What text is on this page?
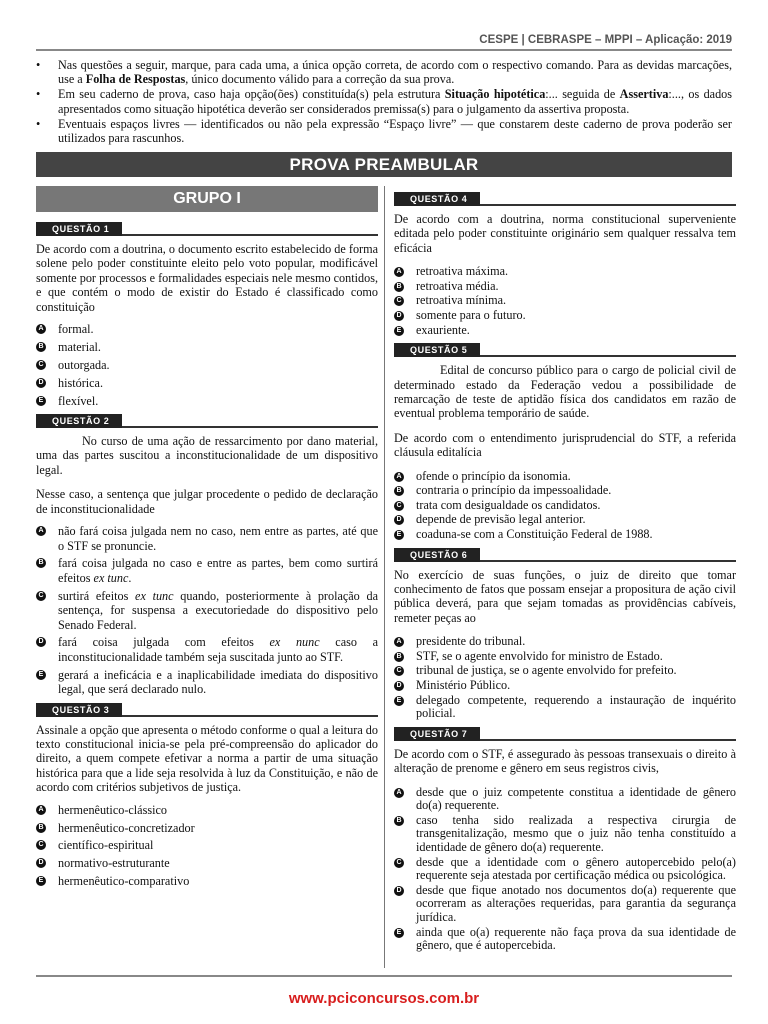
CESPE | CEBRASPE – MPPI – Aplicação: 2019
• Nas questões a seguir, marque, para cada uma, a única opção correta, de acordo com o respectivo comando. Para as devidas marcações, use a Folha de Respostas, único documento válido para a correção da sua prova.
• Em seu caderno de prova, caso haja opção(ões) constituída(s) pela estrutura Situação hipotética:... seguida de Assertiva:..., os dados apresentados como situação hipotética deverão ser considerados premissa(s) para o julgamento da assertiva proposta.
• Eventuais espaços livres — identificados ou não pela expressão “Espaço livre” — que constarem deste caderno de prova poderão ser utilizados para rascunhos.
PROVA PREAMBULAR
GRUPO I
QUESTÃO 1

De acordo com a doutrina, o documento escrito estabelecido de forma solene pelo poder constituinte eleito pelo voto popular, modificável somente por processos e formalidades especiais nele mesmo contidos, e que contém o modo de existir do Estado é classificado como constituição

A formal.
B material.
C outorgada.
D histórica.
E flexível.
QUESTÃO 2

No curso de uma ação de ressarcimento por dano material, uma das partes suscitou a inconstitucionalidade de um dispositivo legal.

Nesse caso, a sentença que julgar procedente o pedido de declaração de inconstitucionalidade

A não fará coisa julgada nem no caso, nem entre as partes, até que o STF se pronuncie.
B fará coisa julgada no caso e entre as partes, bem como surtirá efeitos ex tunc.
C surtirá efeitos ex tunc quando, posteriormente à prolação da sentença, for suspensa a executoriedade do dispositivo pelo Senado Federal.
D fará coisa julgada com efeitos ex nunc caso a inconstitucionalidade também seja suscitada junto ao STF.
E gerará a ineficácia e a inaplicabilidade imediata do dispositivo legal, que será declarado nulo.
QUESTÃO 3

Assinale a opção que apresenta o método conforme o qual a leitura do texto constitucional inicia-se pela pré-compreensão do aplicador do direito, a quem compete efetivar a norma a partir de uma situação histórica para que a lide seja resolvida à luz da Constituição, e não de acordo com critérios subjetivos de justiça.

A hermenêutico-clássico
B hermenêutico-concretizador
C científico-espiritual
D normativo-estruturante
E hermenêutico-comparativo
QUESTÃO 4

De acordo com a doutrina, norma constitucional superveniente editada pelo poder constituinte originário sem qualquer ressalva tem eficácia

A retroativa máxima.
B retroativa média.
C retroativa mínima.
D somente para o futuro.
E exauriente.
QUESTÃO 5

Edital de concurso público para o cargo de policial civil de determinado estado da Federação vedou a possibilidade de remarcação de teste de aptidão física dos candidatos em razão de eventual problema temporário de saúde.

De acordo com o entendimento jurisprudencial do STF, a referida cláusula editalícia

A ofende o princípio da isonomia.
B contraria o princípio da impessoalidade.
C trata com desigualdade os candidatos.
D depende de previsão legal anterior.
E coaduna-se com a Constituição Federal de 1988.
QUESTÃO 6

No exercício de suas funções, o juiz de direito que tomar conhecimento de fatos que possam ensejar a propositura de ação civil pública deverá, para que sejam tomadas as providências cabíveis, remeter peças ao

A presidente do tribunal.
B STF, se o agente envolvido for ministro de Estado.
C tribunal de justiça, se o agente envolvido for prefeito.
D Ministério Público.
E delegado competente, requerendo a instauração de inquérito policial.
QUESTÃO 7

De acordo com o STF, é assegurado às pessoas transexuais o direito à alteração de prenome e gênero em seus registros civis,

A desde que o juiz competente constitua a identidade de gênero do(a) requerente.
B caso tenha sido realizada a respectiva cirurgia de transgenitalização, mesmo que o juiz não tenha constituído a identidade de gênero do(a) requerente.
C desde que a identidade com o gênero autopercebido pelo(a) requerente seja atestada por certificação médica ou psicológica.
D desde que fique anotado nos documentos do(a) requerente que ocorreram as alterações requeridas, para garantia da segurança jurídica.
E ainda que o(a) requerente não faça prova da sua identidade de gênero, que é autopercebida.
www.pciconcursos.com.br
